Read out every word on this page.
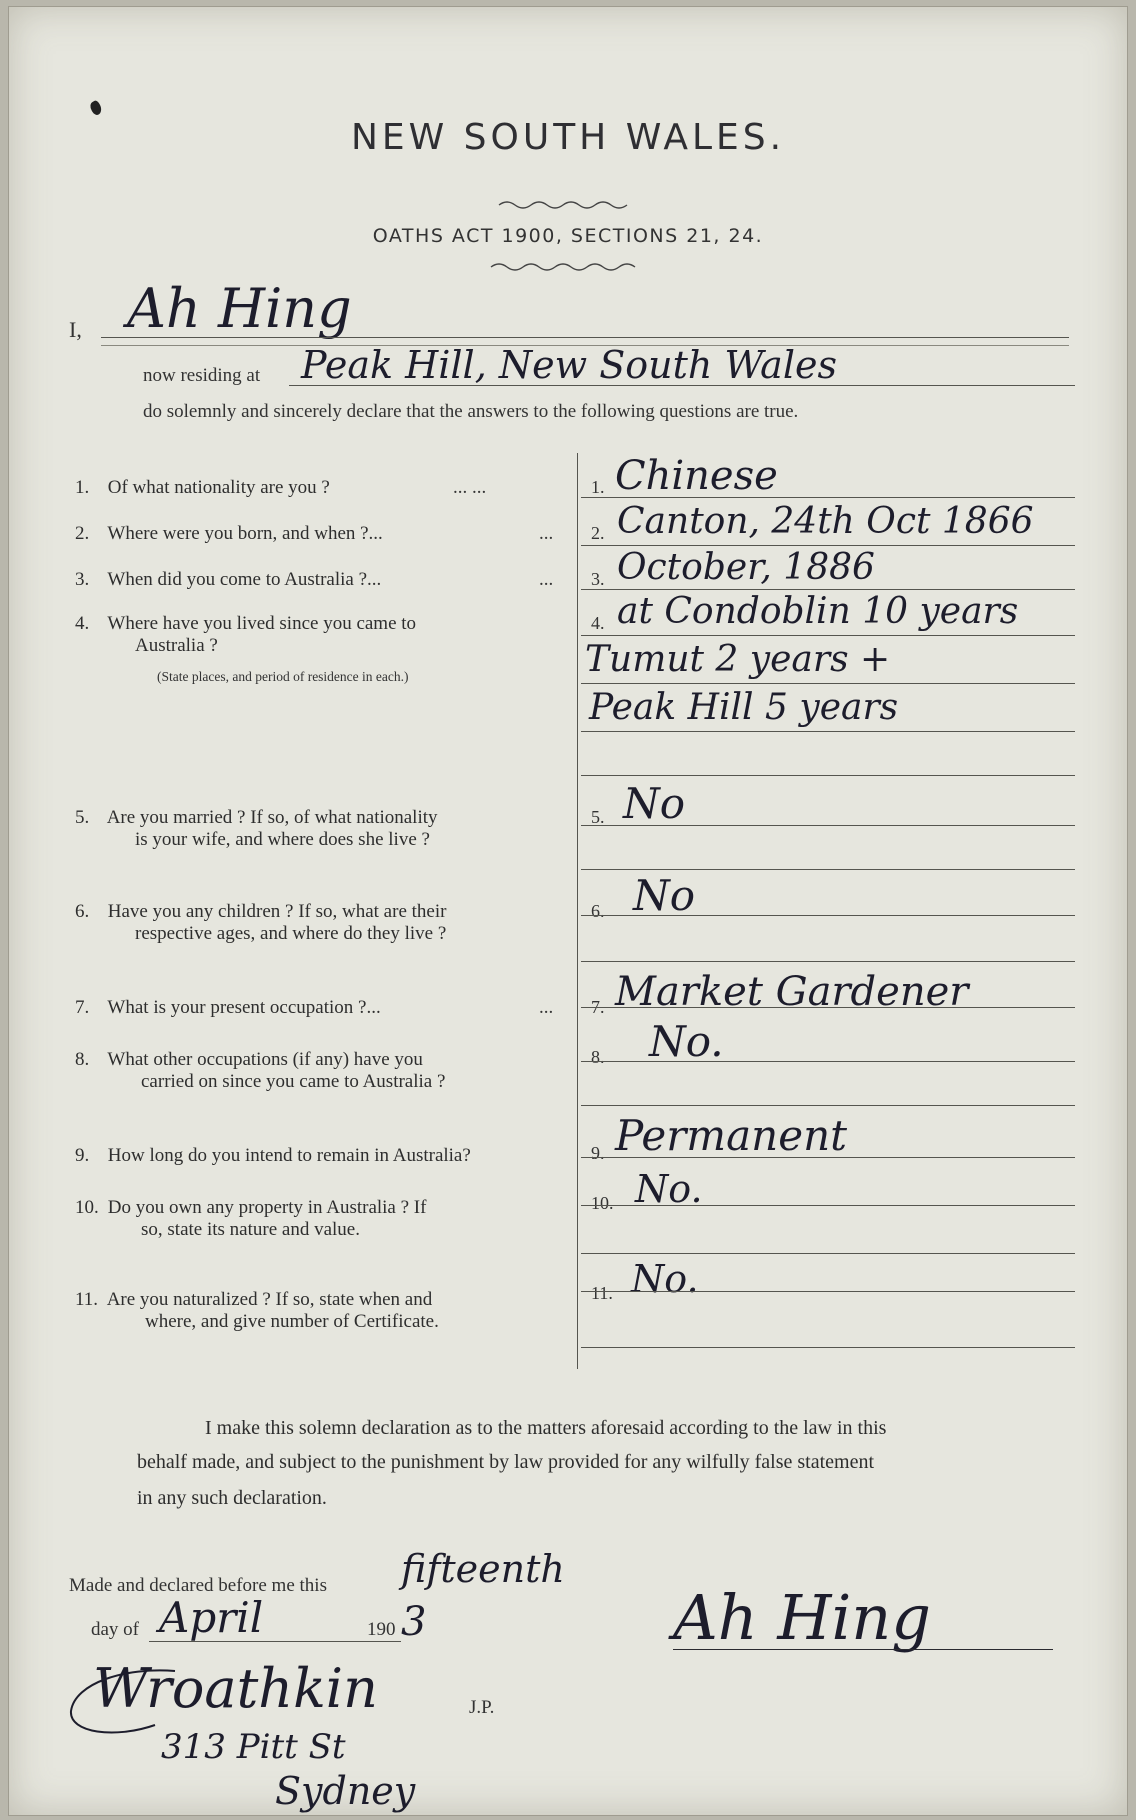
NEW SOUTH WALES.
OATHS ACT 1900, SECTIONS 21, 24.
I, Ah Hing
now residing at Peak Hill, New South Wales
do solemnly and sincerely declare that the answers to the following questions are true.
1. Of what nationality are you ?	... ...	1. Chinese
2. Where were you born, and when ?...	... 2. Canton, 24th Oct 1866
3. When did you come to Australia ?...	... 3. October, 1886
4. Where have you lived since you came to
Australia ?
(State places, and period of residence in each.)
4. at Condoblin 10 years
Tumut 2 years +
Peak Hill 5 years
5. Are you married ? If so, of what nationality
is your wife, and where does she live ?
5. No
6. Have you any children ? If so, what are their
respective ages, and where do they live ?
6. No
7. What is your present occupation ?...	... 7. Market Gardener
8. What other occupations (if any) have you
carried on since you came to Australia ?
8. No.
9. How long do you intend to remain in Australia?	9. Permanent
10. Do you own any property in Australia ? If
so, state its nature and value.
10. No.
11. Are you naturalized ? If so, state when and
where, and give number of Certificate.
11. No.
I make this solemn declaration as to the matters aforesaid according to the law in this
behalf made, and subject to the punishment by law provided for any wilfully false statement
in any such declaration.
Made and declared before me this fifteenth
day of April	190 3
Wroathkin	J.P.
313 Pitt St
Sydney
Ah Hing
